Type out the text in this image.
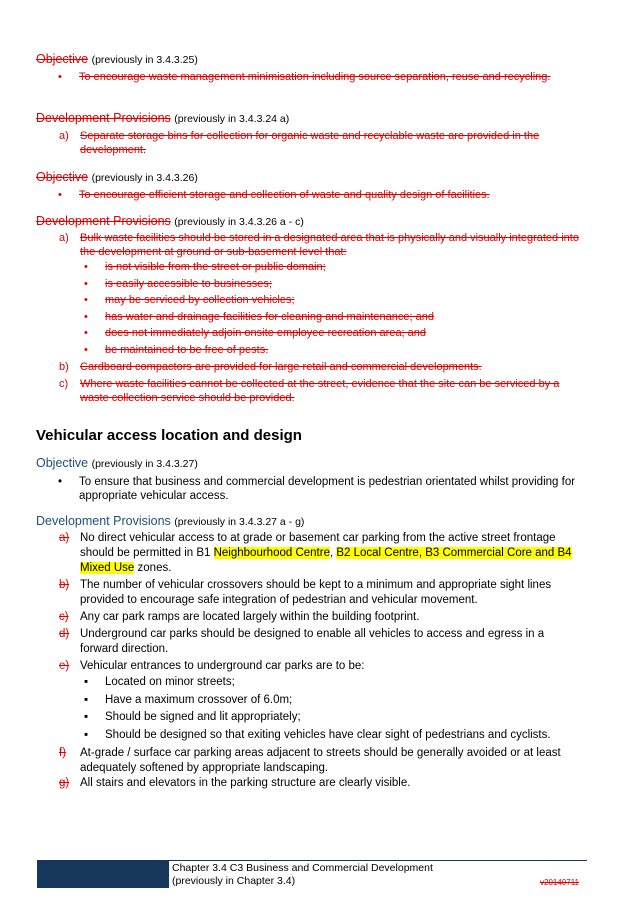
Objective (previously in 3.4.3.25)

• To encourage waste management minimisation including source separation, reuse and recycling.

Development Provisions (previously in 3.4.3.24 a)

a) Separate storage bins for collection for organic waste and recyclable waste are provided in the development.

Objective (previously in 3.4.3.26)

• To encourage efficient storage and collection of waste and quality design of facilities.

Development Provisions (previously in 3.4.3.26 a - c)

a) Bulk waste facilities should be stored in a designated area that is physically and visually integrated into the development at ground or sub-basement level that:
• is not visible from the street or public domain;
• is easily accessible to businesses;
• may be serviced by collection vehicles;
• has water and drainage facilities for cleaning and maintenance; and
• does not immediately adjoin onsite employee recreation area; and
• be maintained to be free of pests.
b) Cardboard compactors are provided for large retail and commercial developments.
c) Where waste facilities cannot be collected at the street, evidence that the site can be serviced by a waste collection service should be provided.
Vehicular access location and design

Objective (previously in 3.4.3.27)

• To ensure that business and commercial development is pedestrian orientated whilst providing for appropriate vehicular access.

Development Provisions (previously in 3.4.3.27 a - g)

a) No direct vehicular access to at grade or basement car parking from the active street frontage should be permitted in B1 Neighbourhood Centre, B2 Local Centre, B3 Commercial Core and B4 Mixed Use zones.
b) The number of vehicular crossovers should be kept to a minimum and appropriate sight lines provided to encourage safe integration of pedestrian and vehicular movement.
c) Any car park ramps are located largely within the building footprint.
d) Underground car parks should be designed to enable all vehicles to access and egress in a forward direction.
e) Vehicular entrances to underground car parks are to be:
▪ Located on minor streets;
▪ Have a maximum crossover of 6.0m;
▪ Should be signed and lit appropriately;
▪ Should be designed so that exiting vehicles have clear sight of pedestrians and cyclists.
f) At-grade / surface car parking areas adjacent to streets should be generally avoided or at least adequately softened by appropriate landscaping.
g) All stairs and elevators in the parking structure are clearly visible.
Chapter 3.4 C3 Business and Commercial Development
(previously in Chapter 3.4)	v20140711
